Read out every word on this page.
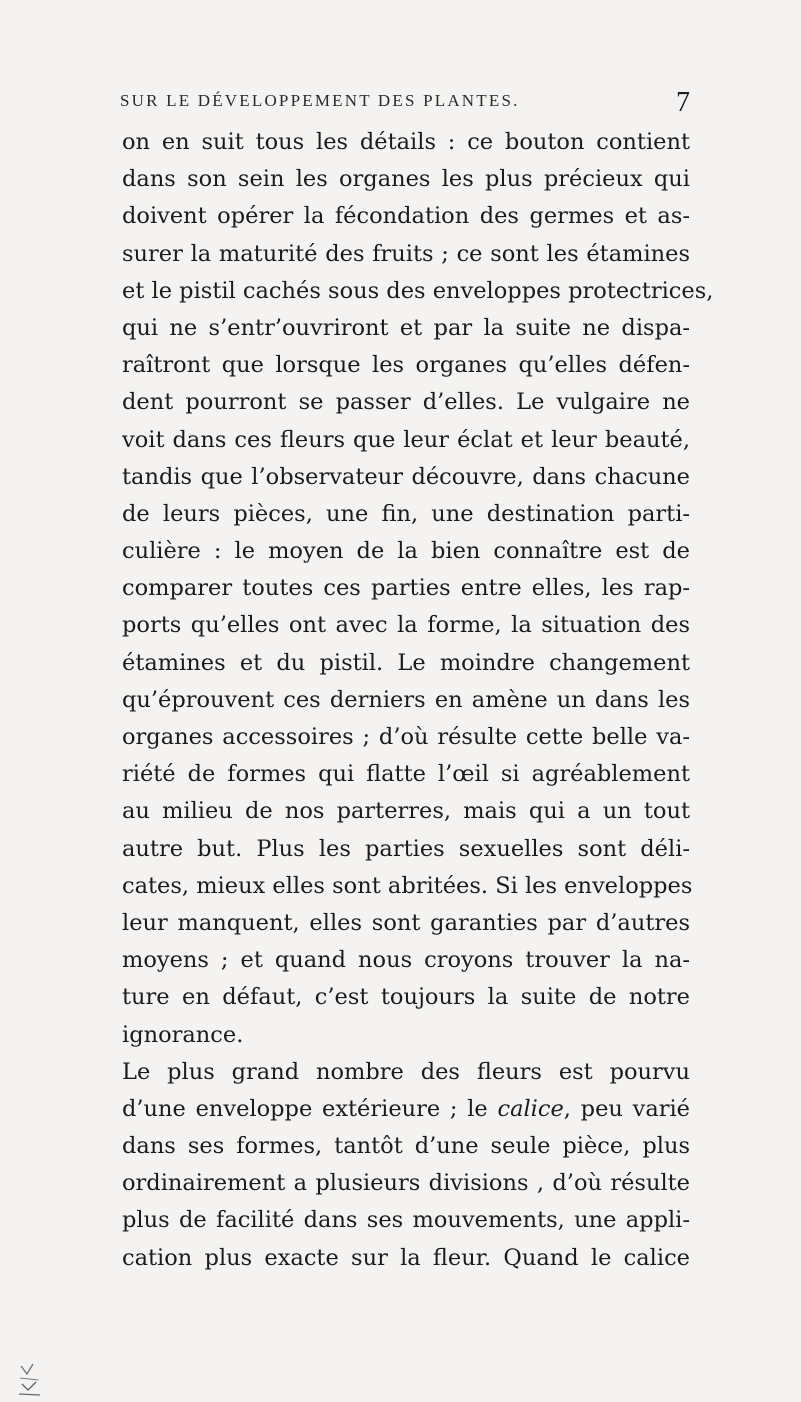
SUR LE DÉVELOPPEMENT DES PLANTES.	7
on en suit tous les détails : ce bouton contient
dans son sein les organes les plus précieux qui
doivent opérer la fécondation des germes et as-
surer la maturité des fruits ; ce sont les étamines
et le pistil cachés sous des enveloppes protectrices,
qui ne s’entr’ouvriront et par la suite ne dispa-
raîtront que lorsque les organes qu’elles défen-
dent pourront se passer d’elles. Le vulgaire ne
voit dans ces fleurs que leur éclat et leur beauté,
tandis que l’observateur découvre, dans chacune
de leurs pièces, une fin, une destination parti-
culière : le moyen de la bien connaître est de
comparer toutes ces parties entre elles, les rap-
ports qu’elles ont avec la forme, la situation des
étamines et du pistil. Le moindre changement
qu’éprouvent ces derniers en amène un dans les
organes accessoires ; d’où résulte cette belle va-
riété de formes qui flatte l’œil si agréablement
au milieu de nos parterres, mais qui a un tout
autre but. Plus les parties sexuelles sont déli-
cates, mieux elles sont abritées. Si les enveloppes
leur manquent, elles sont garanties par d’autres
moyens ; et quand nous croyons trouver la na-
ture en défaut, c’est toujours la suite de notre
ignorance.
Le plus grand nombre des fleurs est pourvu
d’une enveloppe extérieure ; le calice, peu varié
dans ses formes, tantôt d’une seule pièce, plus
ordinairement a plusieurs divisions , d’où résulte
plus de facilité dans ses mouvements, une appli-
cation plus exacte sur la fleur. Quand le calice
